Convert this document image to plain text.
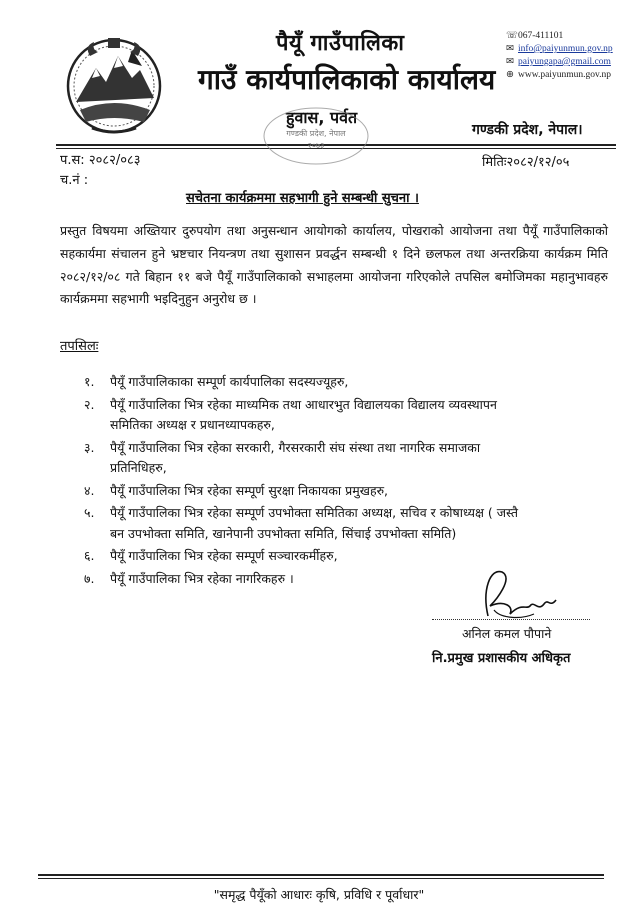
पैयूँ गाउँपालिका
गाउँ कार्यपालिकाको कार्यालय
हुवास, पर्वत
गण्डकी प्रदेश, नेपाल।
☏067-411101
✉ info@paiyunmun.gov.np
✉ paiyungapa@gmail.com
⊕ www.paiyunmun.gov.np
गण्डकी प्रदेश, नेपाल
२०७३
प.स: २०८२/०८३
च.नं :
मितिः२०८२/१२/०५
सचेतना कार्यक्रममा सहभागी हुने सम्बन्धी सुचना ।
प्रस्तुत विषयमा अख्तियार दुरुपयोग तथा अनुसन्धान आयोगको कार्यालय, पोखराको आयोजना तथा पैयूँ गाउँपालिकाको सहकार्यमा संचालन हुने भ्रष्टचार नियन्त्रण तथा सुशासन प्रवर्द्धन सम्बन्धी १ दिने छलफल तथा अन्तरक्रिया कार्यक्रम मिति २०८२/१२/०८ गते बिहान ११ बजे पैयूँ गाउँपालिकाको सभाहलमा आयोजना गरिएकोले तपसिल बमोजिमका महानुभावहरु कार्यक्रममा सहभागी भइदिनुहुन अनुरोध छ ।
तपसिलः
१. पैयूँ गाउँपालिकाका सम्पूर्ण कार्यपालिका सदस्यज्यूहरु,
२. पैयूँ गाउँपालिका भित्र रहेका माध्यमिक तथा आधारभुत विद्यालयका विद्यालय व्यवस्थापन
समितिका अध्यक्ष र प्रधानध्यापकहरु,
३. पैयूँ गाउँपालिका भित्र रहेका सरकारी, गैरसरकारी संघ संस्था तथा नागरिक समाजका
प्रतिनिधिहरु,
४. पैयूँ गाउँपालिका भित्र रहेका सम्पूर्ण सुरक्षा निकायका प्रमुखहरु,
५. पैयूँ गाउँपालिका भित्र रहेका सम्पूर्ण उपभोक्ता समितिका अध्यक्ष, सचिव र कोषाध्यक्ष ( जस्तै
बन उपभोक्ता समिति, खानेपानी उपभोक्ता समिति, सिंचाई उपभोक्ता समिति)
६. पैयूँ गाउँपालिका भित्र रहेका सम्पूर्ण सञ्चारकर्मीहरु,
७. पैयूँ गाउँपालिका भित्र रहेका नागरिकहरु ।
अनिल कमल पौपाने
नि.प्रमुख प्रशासकीय अधिकृत
"समृद्ध पैयूँको आधारः कृषि, प्रविधि र पूर्वाधार"
